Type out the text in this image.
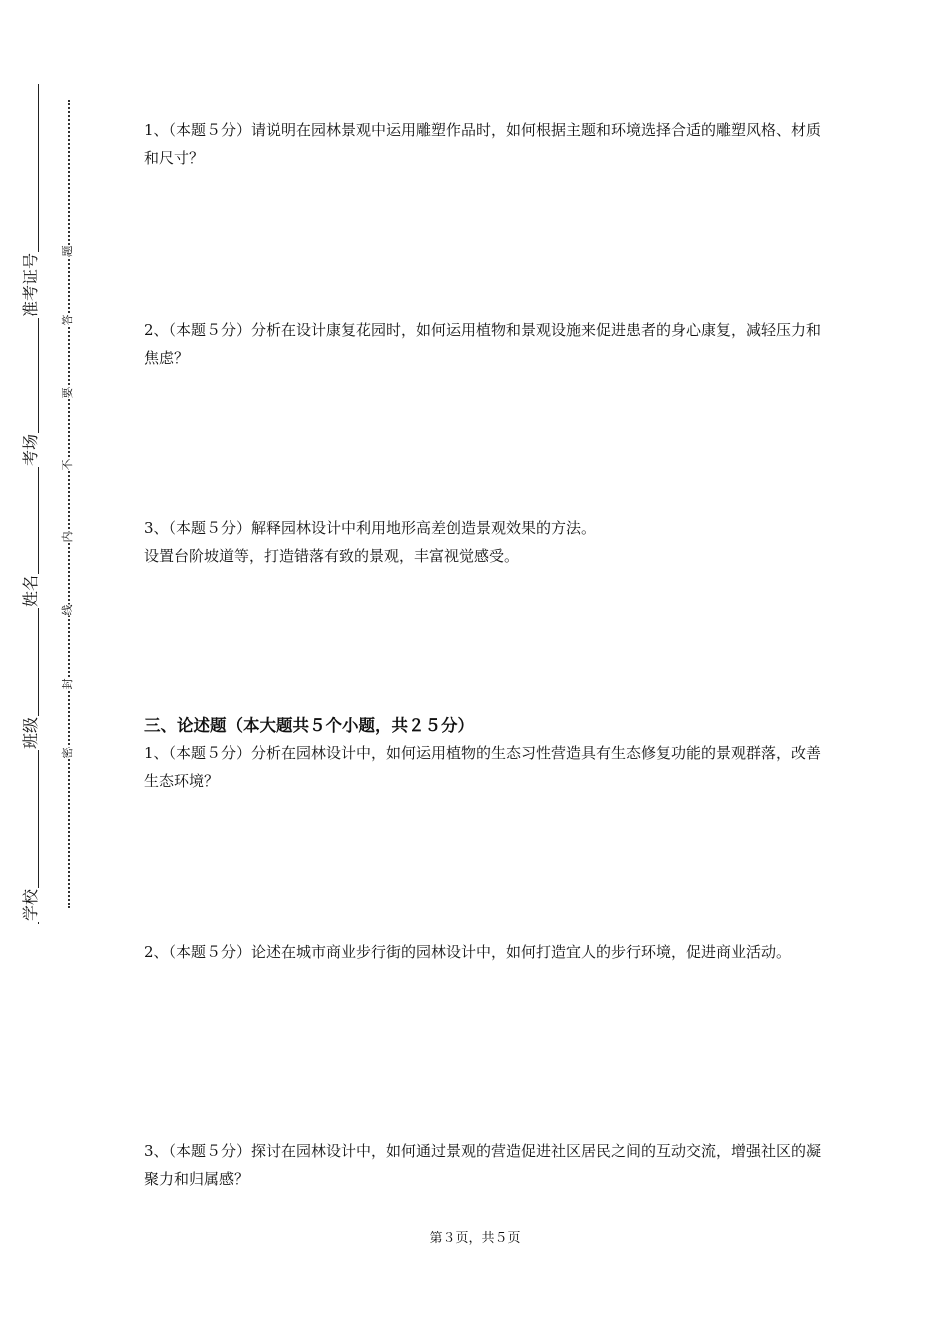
准考证号
考场
姓名
班级
学校
题
答
要
不
内
线
封
密

1、（本题５分）请说明在园林景观中运用雕塑作品时，如何根据主题和环境选择合适的雕塑风格、材质和尺寸？

2、（本题５分）分析在设计康复花园时，如何运用植物和景观设施来促进患者的身心康复，减轻压力和焦虑？

3、（本题５分）解释园林设计中利用地形高差创造景观效果的方法。

设置台阶坡道等，打造错落有致的景观，丰富视觉感受。

三、论述题（本大题共５个小题，共２５分）

1、（本题５分）分析在园林设计中，如何运用植物的生态习性营造具有生态修复功能的景观群落，改善生态环境？

2、（本题５分）论述在城市商业步行街的园林设计中，如何打造宜人的步行环境，促进商业活动。

3、（本题５分）探讨在园林设计中，如何通过景观的营造促进社区居民之间的互动交流，增强社区的凝聚力和归属感？

第３页，共５页
